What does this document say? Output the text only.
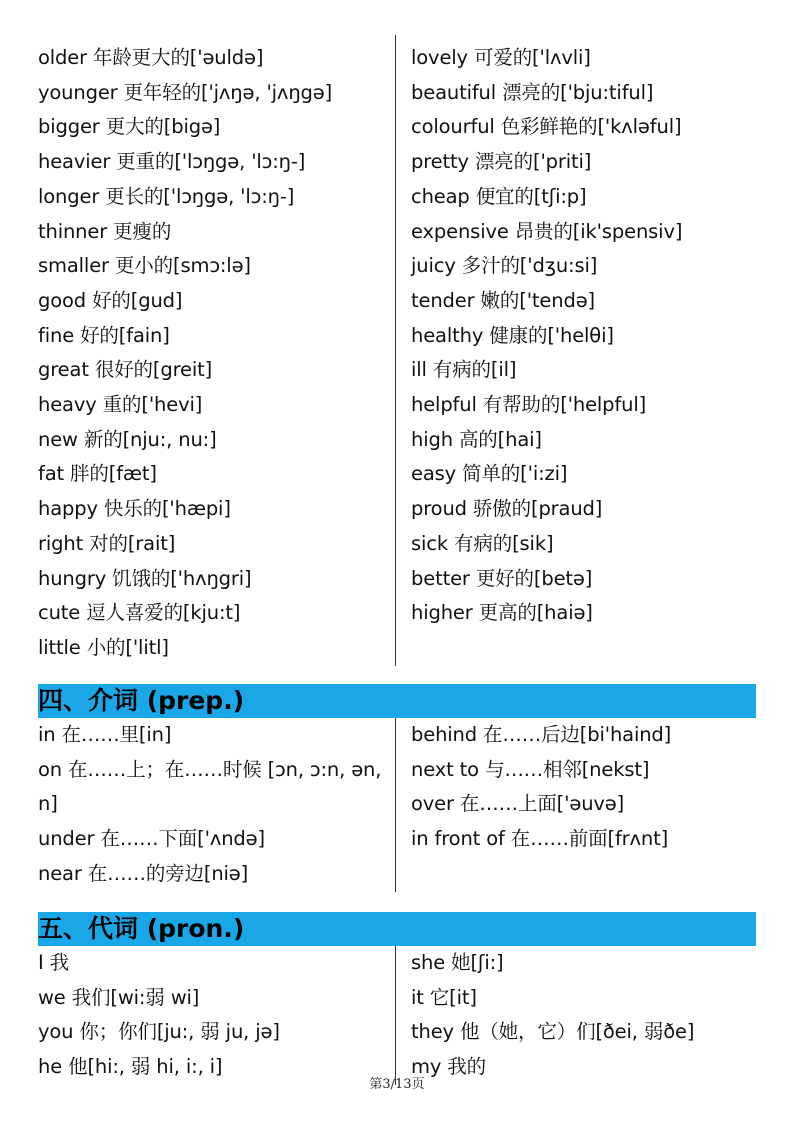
older 年龄更大的['əuldə]
younger 更年轻的['jʌŋə, 'jʌŋgə]
bigger 更大的[bigə]
heavier 更重的['lɔŋgə, 'lɔ:ŋ-]
longer 更长的['lɔŋgə, 'lɔ:ŋ-]
thinner 更瘦的
smaller 更小的[smɔ:lə]
good 好的[gud]
fine 好的[fain]
great 很好的[greit]
heavy 重的['hevi]
new 新的[nju:, nu:]
fat 胖的[fæt]
happy 快乐的['hæpi]
right 对的[rait]
hungry 饥饿的['hʌŋgri]
cute 逗人喜爱的[kju:t]
little 小的['litl]
lovely 可爱的['lʌvli]
beautiful 漂亮的['bju:tiful]
colourful 色彩鲜艳的['kʌləful]
pretty 漂亮的['priti]
cheap 便宜的[tʃi:p]
expensive 昂贵的[ik'spensiv]
juicy 多汁的['dʒu:si]
tender 嫩的['tendə]
healthy 健康的['helθi]
ill 有病的[il]
helpful 有帮助的['helpful]
high 高的[hai]
easy 简单的['i:zi]
proud 骄傲的[praud]
sick 有病的[sik]
better 更好的[betə]
higher 更高的[haiə]
四、介词 (prep.)
in 在……里[in]
on 在……上；在……时候 [ɔn, ɔ:n, ən, n]
under 在……下面['ʌndə]
near 在……的旁边[niə]
behind 在……后边[bi'haind]
next to 与……相邻[nekst]
over 在……上面['əuvə]
in front of 在……前面[frʌnt]
五、代词 (pron.)
I 我
we 我们[wi:弱 wi]
you 你；你们[ju:, 弱 ju, jə]
he 他[hi:, 弱 hi, i:, i]
she 她[ʃi:]
it 它[it]
they 他（她，它）们[ðei, 弱ðe]
my 我的
第3/13页
